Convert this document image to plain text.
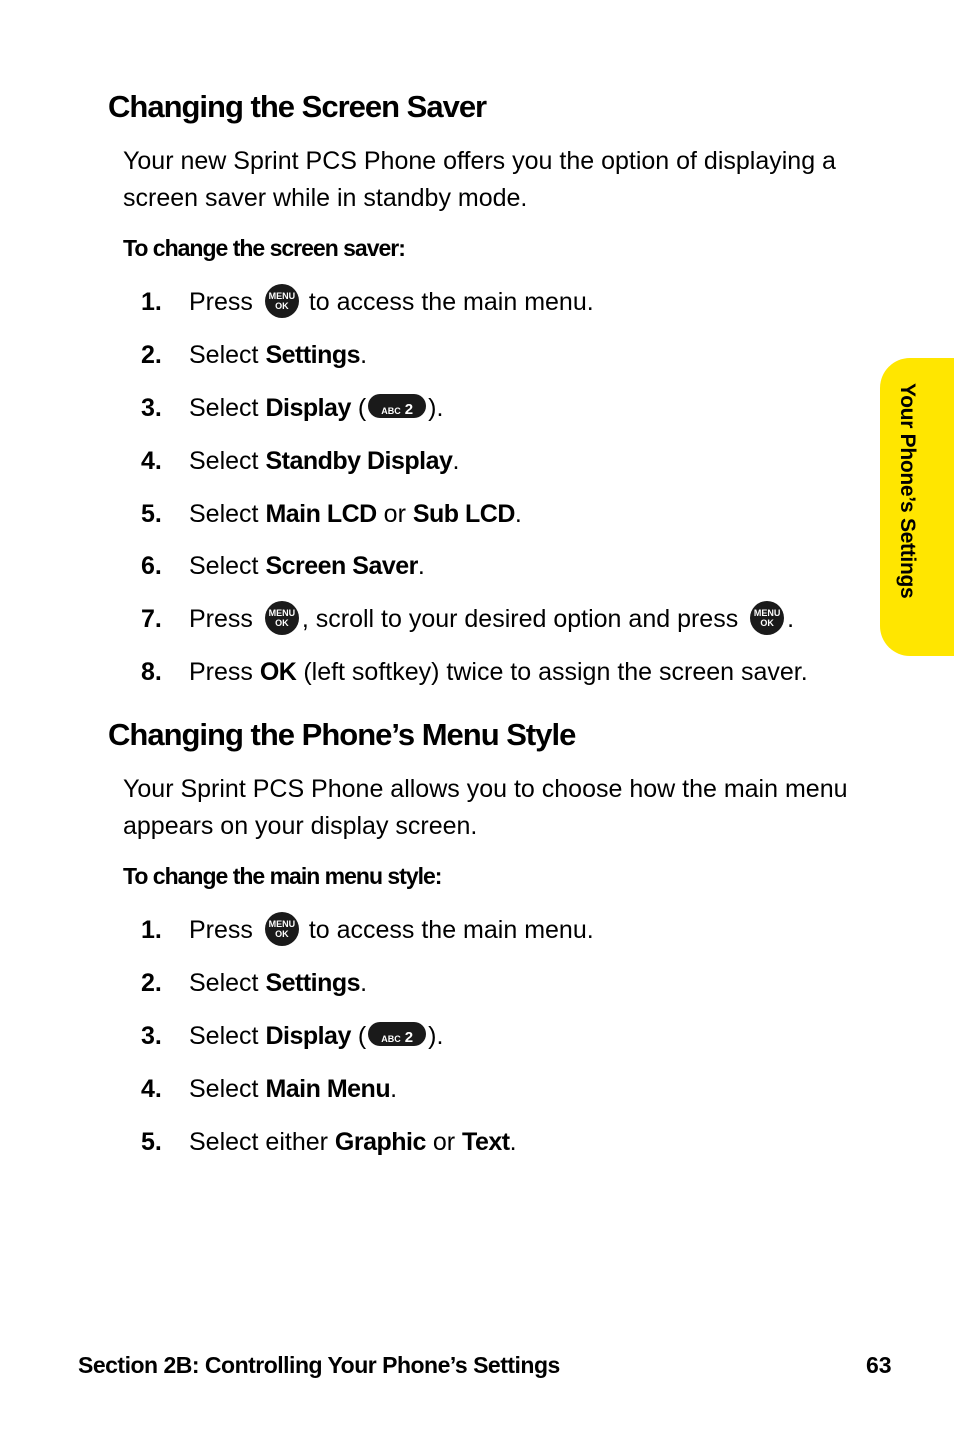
Changing the Screen Saver

Your new Sprint PCS Phone offers you the option of displaying a screen saver while in standby mode.

To change the screen saver:
1. Press MENU
OK to access the main menu.
2. Select Settings.
3. Select Display ( ABC 2 ).
4. Select Standby Display.
5. Select Main LCD or Sub LCD.
6. Select Screen Saver.
7. Press MENU
OK , scroll to your desired option and press MENU
OK .
8. Press OK (left softkey) twice to assign the screen saver.
Changing the Phone’s Menu Style

Your Sprint PCS Phone allows you to choose how the main menu appears on your display screen.

To change the main menu style:
1. Press MENU
OK to access the main menu.
2. Select Settings.
3. Select Display ( ABC 2 ).
4. Select Main Menu.
5. Select either Graphic or Text.
Your Phone’s Settings
Section 2B: Controlling Your Phone’s Settings	63
